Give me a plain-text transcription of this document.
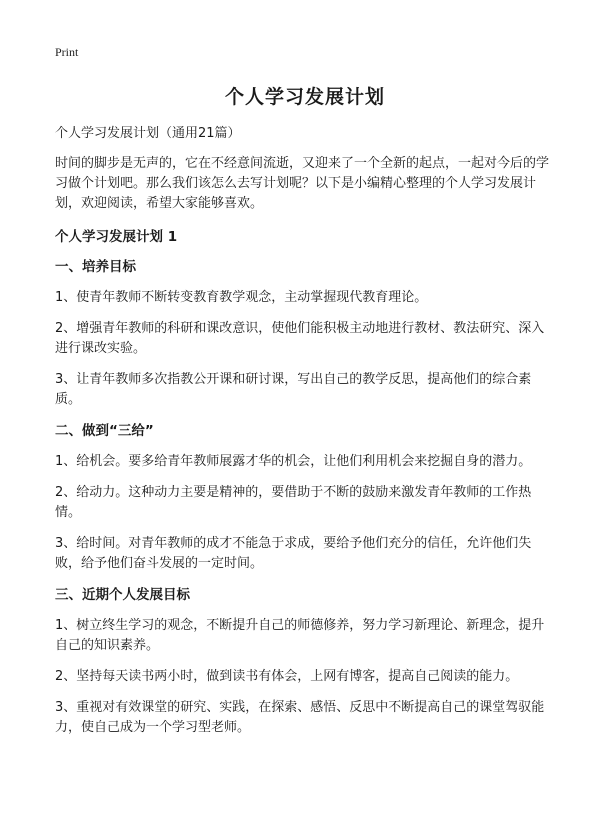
Print
个人学习发展计划
个人学习发展计划（通用21篇）

时间的脚步是无声的，它在不经意间流逝，又迎来了一个全新的起点，一起对今后的学习做个计划吧。那么我们该怎么去写计划呢？以下是小编精心整理的个人学习发展计划，欢迎阅读，希望大家能够喜欢。

个人学习发展计划 1
一、培养目标

1、使青年教师不断转变教育教学观念，主动掌握现代教育理论。

2、增强青年教师的科研和课改意识，使他们能积极主动地进行教材、教法研究、深入进行课改实验。

3、让青年教师多次指教公开课和研讨课，写出自己的教学反思，提高他们的综合素质。

二、做到“三给”

1、给机会。要多给青年教师展露才华的机会，让他们利用机会来挖掘自身的潜力。

2、给动力。这种动力主要是精神的，要借助于不断的鼓励来激发青年教师的工作热情。

3、给时间。对青年教师的成才不能急于求成，要给予他们充分的信任，允许他们失败，给予他们奋斗发展的一定时间。

三、近期个人发展目标

1、树立终生学习的观念，不断提升自己的师德修养，努力学习新理论、新理念，提升自己的知识素养。

2、坚持每天读书两小时，做到读书有体会，上网有博客，提高自己阅读的能力。

3、重视对有效课堂的研究、实践，在探索、感悟、反思中不断提高自己的课堂驾驭能力，使自己成为一个学习型老师。
